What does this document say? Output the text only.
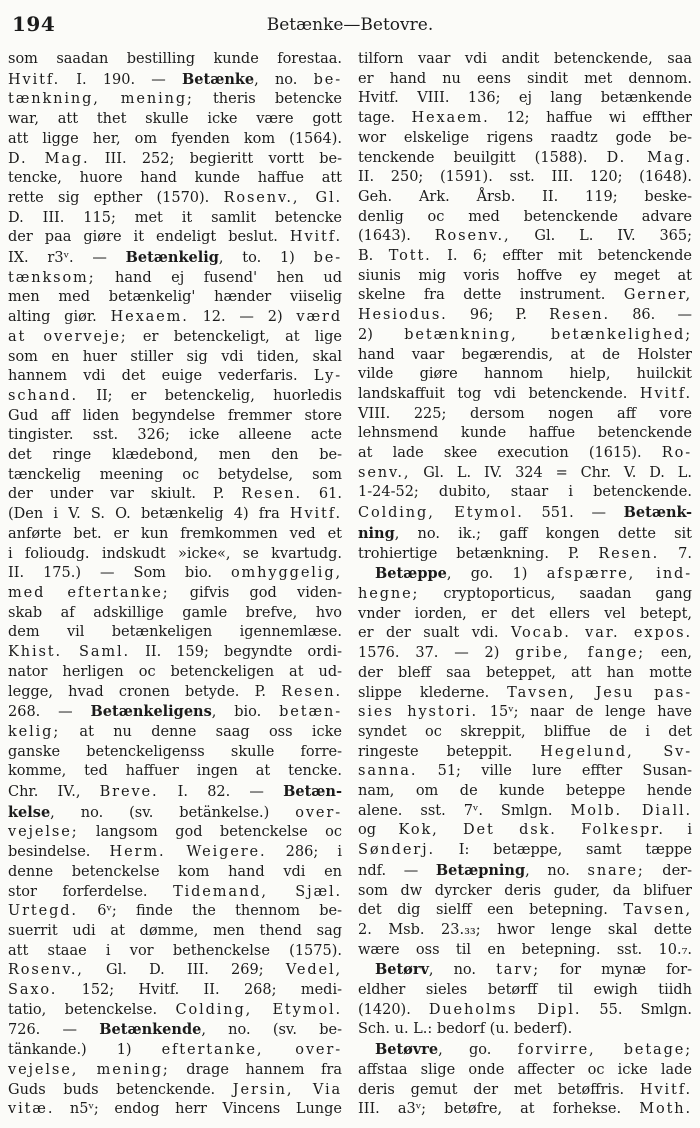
194	Betænke—Betovre.
som saadan bestilling kunde forestaa.
Hvitf. I. 190. — Betænke, no. be-
tænkning, mening; theris betencke
war, att thet skulle icke være gott
att ligge her, om fyenden kom (1564).
D. Mag. III. 252; begieritt vortt be-
tencke, huore hand kunde haffue att
rette sig epther (1570). Rosenv., Gl.
D. III. 115; met it samlit betencke
der paa giøre it endeligt beslut. Hvitf.
IX. r3ᵛ. — Betænkelig, to. 1) be-
tænksom; hand ej fusend' hen ud
men med betænkelig' hænder viiselig
alting giør. Hexaem. 12. — 2) værd
at overveje; er betenckeligt, at lige
som en huer stiller sig vdi tiden, skal
hannem vdi det euige vederfaris. Ly-
schand. II; er betenckelig, huorledis
Gud aff liden begyndelse fremmer store
tingister. sst. 326; icke alleene acte
det ringe klædebond, men den be-
tænckelig meening oc betydelse, som
der under var skiult. P. Resen. 61.
(Den i V. S. O. betænkelig 4) fra Hvitf.
anførte bet. er kun fremkommen ved et
i folioudg. indskudt »icke«, se kvartudg.
II. 175.) — Som bio. omhyggelig,
med eftertanke; gifvis god viden-
skab af adskillige gamle brefve, hvo
dem vil betænkeligen igennemlæse.
Khist. Saml. II. 159; begyndte ordi-
nator herligen oc betenckeligen at ud-
legge, hvad cronen betyde. P. Resen.
268. — Betænkeligens, bio. betæn-
kelig; at nu denne saag oss icke
ganske betenckeligenss skulle forre-
komme, ted haffuer ingen at tencke.
Chr. IV., Breve. I. 82. — Betæn-
kelse, no. (sv. betänkelse.) over-
vejelse; langsom god betenckelse oc
besindelse. Herm. Weigere. 286; i
denne betenckelse kom hand vdi en
stor forferdelse. Tidemand, Sjæl.
Urtegd. 6ᵛ; finde the thennom be-
suerrit udi at dømme, men thend sag
att staae i vor bethenckelse (1575).
Rosenv., Gl. D. III. 269; Vedel,
Saxo. 152; Hvitf. II. 268; medi-
tatio, betenckelse. Colding, Etymol.
726. — Betænkende, no. (sv. be-
tänkande.) 1) eftertanke, over-
vejelse, mening; drage hannem fra
Guds buds betenckende. Jersin, Via
vitæ. n5ᵛ; endog herr Vincens Lunge
tilforn vaar vdi andit betenckende, saa
er hand nu eens sindit met dennom.
Hvitf. VIII. 136; ej lang betænkende
tage. Hexaem. 12; haffue wi effther
wor elskelige rigens raadtz gode be-
tenckende beuilgitt (1588). D. Mag.
II. 250; (1591). sst. III. 120; (1648).
Geh. Ark. Årsb. II. 119; beske-
denlig oc med betenckende advare
(1643). Rosenv., Gl. L. IV. 365;
B. Tott. I. 6; effter mit betenckende
siunis mig voris hoffve ey meget at
skelne fra dette instrument. Gerner,
Hesiodus. 96; P. Resen. 86. —
2) betænkning, betænkelighed;
hand vaar begærendis, at de Holster
vilde giøre hannom hielp, huilckit
landskaffuit tog vdi betenckende. Hvitf.
VIII. 225; dersom nogen aff vore
lehnsmend kunde haffue betenckende
at lade skee execution (1615). Ro-
senv., Gl. L. IV. 324 = Chr. V. D. L.
1-24-52; dubito, staar i betenckende.
Colding, Etymol. 551. — Betænk-
ning, no. ik.; gaff kongen dette sit
trohiertige betænkning. P. Resen. 7.
Betæppe, go. 1) afspærre, ind-
hegne; cryptoporticus, saadan gang
vnder iorden, er det ellers vel betept,
er der sualt vdi. Vocab. var. expos.
1576. 37. — 2) gribe, fange; een,
der bleff saa beteppet, att han motte
slippe klederne. Tavsen, Jesu pas-
sies hystori. 15ᵛ; naar de lenge have
syndet oc skreppit, bliffue de i det
ringeste beteppit. Hegelund, Sv-
sanna. 51; ville lure effter Susan-
nam, om de kunde beteppe hende
alene. sst. 7ᵛ. Smlgn. Molb. Diall.
og Kok, Det dsk. Folkespr. i
Sønderj. I: betæppe, samt tæppe
ndf. — Betæpning, no. snare; der-
som dw dyrcker deris guder, da blifuer
det dig sielff een betepning. Tavsen,
2. Msb. 23.₃₃; hwor lenge skal dette
wære oss til en betepning. sst. 10.₇.
Betørv, no. tarv; for mynæ for-
eldher sieles betørff til ewigh tiidh
(1420). Dueholms Dipl. 55. Smlgn.
Sch. u. L.: bedorf (u. bederf).
Betøvre, go. forvirre, betage;
affstaa slige onde affecter oc icke lade
deris gemut der met betøffris. Hvitf.
III. a3ᵛ; betøfre, at forhekse. Moth.
